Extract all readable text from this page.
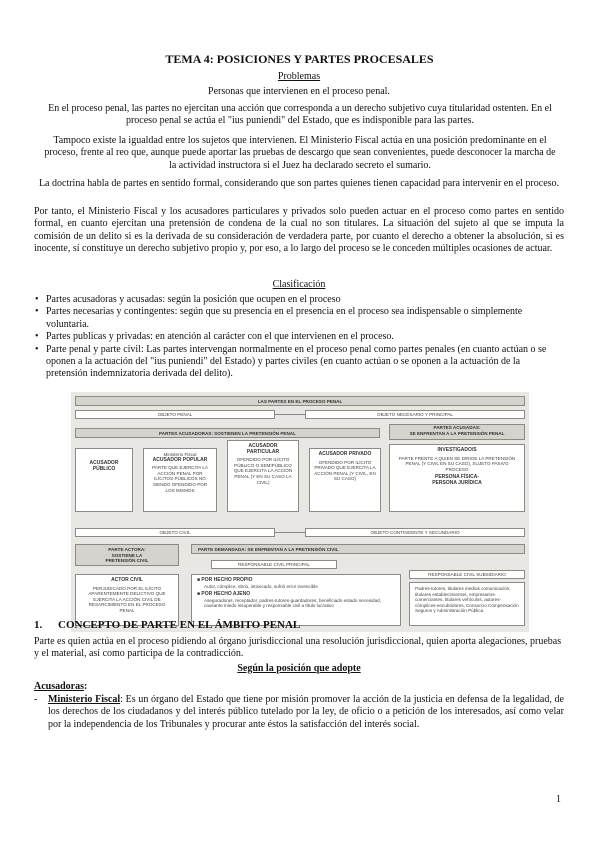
TEMA 4: POSICIONES Y PARTES PROCESALES
Problemas
Personas que intervienen en el proceso penal.
En el proceso penal, las partes no ejercitan una acción que corresponda a un derecho subjetivo cuya titularidad ostenten. En el proceso penal se actúa el "ius puniendi" del Estado, que es indisponible para las partes.
Tampoco existe la igualdad entre los sujetos que intervienen. El Ministerio Fiscal actúa en una posición predominante en el proceso, frente al reo que, aunque puede aportar las pruebas de descargo que sean convenientes, puede desconocer la marcha de la actividad instructora si el Juez ha declarado secreto el sumario.
La doctrina habla de partes en sentido formal, considerando que son partes quienes tienen capacidad para intervenir en el proceso.
Por tanto, el Ministerio Fiscal y los acusadores particulares y privados solo pueden actuar en el proceso como partes en sentido formal, en cuanto ejercitan una pretensión de condena de la cual no son titulares. La situación del sujeto al que se imputa la comisión de un delito si es la derivada de su consideración de verdadera parte, por cuanto el derecho a obtener la absolución, si es inocente, sí constituye un derecho subjetivo propio y, por eso, a lo largo del proceso se le conceden múltiples ocasiones de actuar.
Clasificación
• Partes acusadoras y acusadas: según la posición que ocupen en el proceso
• Partes necesarias y contingentes: según que su presencia en el presencia en el proceso sea indispensable o simplemente voluntaria.
• Partes publicas y privadas: en atención al carácter con el que intervienen en el proceso.
• Parte penal y parte civil: Las partes intervengan normalmente en el proceso penal como partes penales (en cuanto actúan o se oponen a la actuación del "ius puniendi" del Estado) y partes civiles (en cuanto actúan o se oponen a la actuación de la pretensión indemnizatoria derivada del delito).
LAS PARTES EN EL PROCESO PENAL
OBJETO PENAL	OBJETO NECESARIO Y PRINCIPAL
PARTES ACUSADORAS: SOSTIENEN LA PRETENSIÓN PENAL
PARTES ACUSADAS:
SE ENFRENTAN A LA PRETENSIÓN PENAL
ACUSADOR
PÚBLICO
Ministerio Fiscal
ACUSADOR POPULAR
PARTE QUE EJERCITA LA ACCIÓN PENAL POR ILÍCITOS PÚBLICOS NO SIENDO OFENDIDO POR LOS MISMOS
ACUSADOR
PARTICULAR
OFENDIDO POR ILÍCITO PÚBLICO O SEMIPÚBLICO QUE EJERCITA LA ACCIÓN PENAL (Y EN SU CASO LA CIVIL)
ACUSADOR PRIVADO
OFENDIDO POR ILÍCITO PRIVADO QUE EJERCITA LA ACCIÓN PENAL (Y CIVIL, EN SU CASO)
INVESTIGADO/S
PARTE FRENTE A QUIEN SE DIRIGE LA PRETENSIÓN PENAL (Y CIVIL EN SU CASO), SUJETO PASIVO PROCESO
PERSONA FÍSICA-
PERSONA JURÍDICA
OBJETO CIVIL	OBJETO CONTINGENTE Y SECUNDARIO
PARTE ACTORA:
SOSTIENE LA
PRETENSIÓN CIVIL
PARTE DEMANDADA: SE ENFRENTAN A LA PRETENSIÓN CIVIL
RESPONSABLE CIVIL PRINCIPAL
RESPONSABLE CIVIL SUBSIDIARIO
ACTOR CIVIL
PERJUDICADO POR EL ILÍCITO APARENTEMENTE DELICTIVO QUE EJERCITA LA ACCIÓN CIVIL DE RESARCIMIENTO EN EL PROCESO PENAL
■ POR HECHO PROPIO
Autor, cómplice, ebrio, intoxicado, sufrió error invencible
■ POR HECHO AJENO
Aseguradoras, receptador, padres-tutores-guardadores, beneficiado estado necesidad, causante miedo insuperable y responsable civil a título lucrativo
Padres-tutores, titulares medios comunicación, titulares establecimientos, empresarios-comerciantes, titulares vehículos, autores-cómplices-encubridores, Consorcio Compensación Seguros y Administración Pública
1. CONCEPTO DE PARTE EN EL ÁMBITO PENAL
Parte es quien actúa en el proceso pidiendo al órgano jurisdiccional una resolución jurisdiccional, quien aporta alegaciones, pruebas y el material, así como participa de la contradicción.
Según la posición que adopte
Acusadoras:
- Ministerio Fiscal: Es un órgano del Estado que tiene por misión promover la acción de la justicia en defensa de la legalidad, de los derechos de los ciudadanos y del interés público tutelado por la ley, de oficio o a petición de los interesados, así como velar por la independencia de los Tribunales y procurar ante éstos la satisfacción del interés social.
1
